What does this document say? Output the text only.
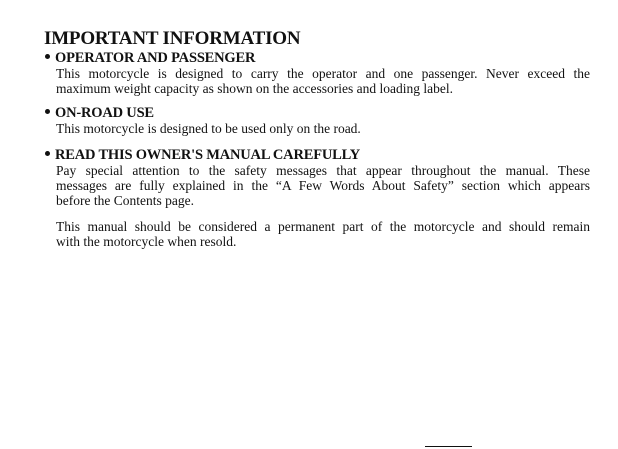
IMPORTANT INFORMATION
OPERATOR AND PASSENGER
This motorcycle is designed to carry the operator and one passenger. Never exceed the
maximum weight capacity as shown on the accessories and loading label.
ON-ROAD USE
This motorcycle is designed to be used only on the road.
READ THIS OWNER'S MANUAL CAREFULLY
Pay special attention to the safety messages that appear throughout the manual. These
messages are fully explained in the “A Few Words About Safety” section which appears
before the Contents page.
This manual should be considered a permanent part of the motorcycle and should remain
with the motorcycle when resold.
